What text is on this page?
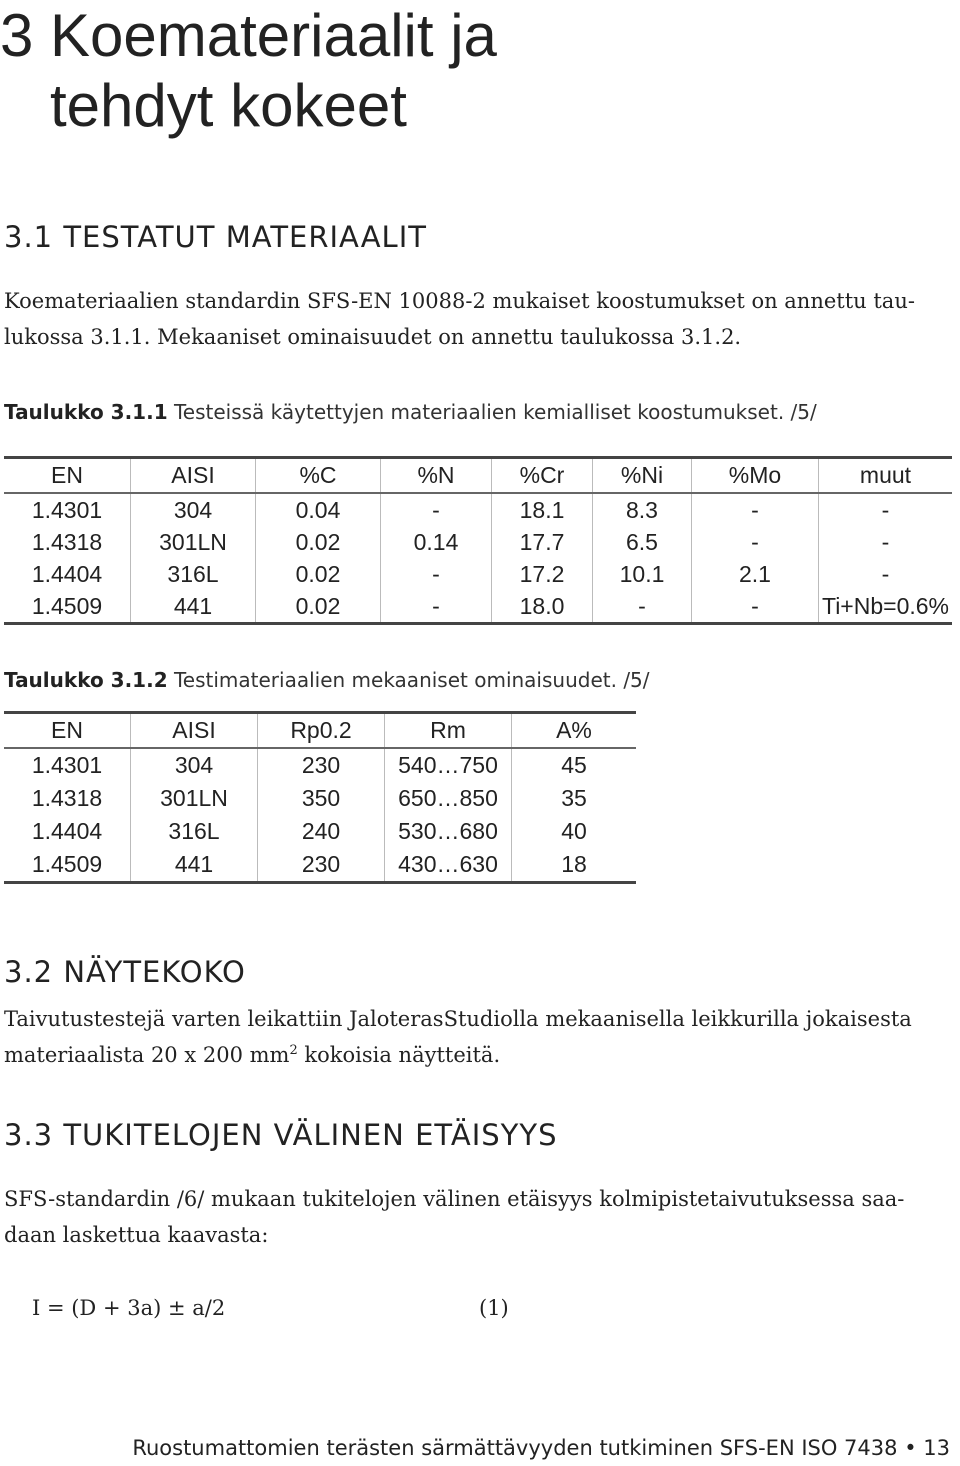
3 Koemateriaalit ja
tehdyt kokeet
3.1 TESTATUT MATERIAALIT
Koemateriaalien standardin SFS-EN 10088-2 mukaiset koostumukset on annettu tau-
lukossa 3.1.1. Mekaaniset ominaisuudet on annettu taulukossa 3.1.2.
Taulukko 3.1.1 Testeissä käytettyjen materiaalien kemialliset koostumukset. /5/
EN	AISI	%C	%N	%Cr	%Ni	%Mo	muut
1.4301	304	0.04	-	18.1	8.3	-	-
1.4318	301LN	0.02	0.14	17.7	6.5	-	-
1.4404	316L	0.02	-	17.2	10.1	2.1	-
1.4509	441	0.02	-	18.0	-	-	Ti+Nb=0.6%
Taulukko 3.1.2 Testimateriaalien mekaaniset ominaisuudet. /5/
EN	AISI	Rp0.2	Rm	A%
1.4301	304	230	540…750	45
1.4318	301LN	350	650…850	35
1.4404	316L	240	530…680	40
1.4509	441	230	430…630	18
3.2 NÄYTEKOKO
Taivutustestejä varten leikattiin JaloterasStudiolla mekaanisella leikkurilla jokaisesta
materiaalista 20 x 200 $mm^2$ kokoisia näytteitä.
3.3 TUKITELOJEN VÄLINEN ETÄISYYS
SFS-standardin /6/ mukaan tukitelojen välinen etäisyys kolmipistetaivutuksessa saa-
daan laskettua kaavasta:
I = (D + 3a) ± a/2	(1)
Ruostumattomien terästen särmättävyyden tutkiminen SFS-EN ISO 7438 • 13
